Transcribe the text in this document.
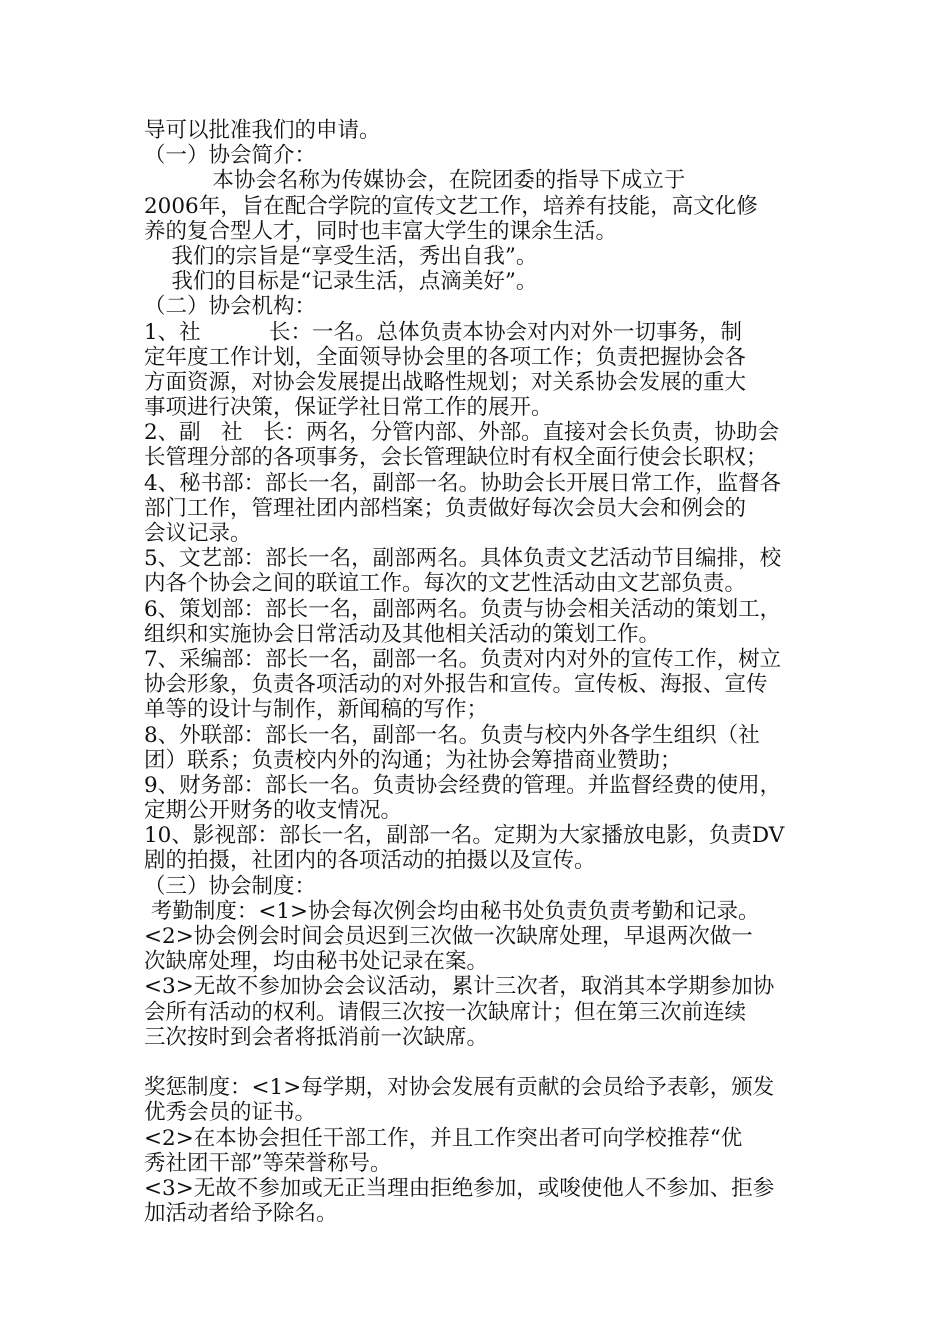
导可以批准我们的申请。
（一）协会简介：
本协会名称为传媒协会，在院团委的指导下成立于
2006年，旨在配合学院的宣传文艺工作，培养有技能，高文化修
养的复合型人才，同时也丰富大学生的课余生活。
我们的宗旨是“享受生活，秀出自我”。
我们的目标是“记录生活，点滴美好”。
（二）协会机构：
1、社          长：一名。总体负责本协会对内对外一切事务，制
定年度工作计划，全面领导协会里的各项工作；负责把握协会各
方面资源，对协会发展提出战略性规划；对关系协会发展的重大
事项进行决策，保证学社日常工作的展开。
2、副   社   长：两名，分管内部、外部。直接对会长负责，协助会
长管理分部的各项事务，会长管理缺位时有权全面行使会长职权；
4、秘书部：部长一名，副部一名。协助会长开展日常工作，监督各
部门工作，管理社团内部档案；负责做好每次会员大会和例会的
会议记录。
5、文艺部：部长一名，副部两名。具体负责文艺活动节目编排，校
内各个协会之间的联谊工作。每次的文艺性活动由文艺部负责。
6、策划部：部长一名，副部两名。负责与协会相关活动的策划工，
组织和实施协会日常活动及其他相关活动的策划工作。
7、采编部：部长一名，副部一名。负责对内对外的宣传工作，树立
协会形象，负责各项活动的对外报告和宣传。宣传板、海报、宣传
单等的设计与制作，新闻稿的写作；
8、外联部：部长一名，副部一名。负责与校内外各学生组织（社
团）联系；负责校内外的沟通；为社协会筹措商业赞助；
9、财务部：部长一名。负责协会经费的管理。并监督经费的使用，
定期公开财务的收支情况。
10、影视部：部长一名，副部一名。定期为大家播放电影，负责DV
剧的拍摄，社团内的各项活动的拍摄以及宣传。
（三）协会制度：
考勤制度：<1>协会每次例会均由秘书处负责负责考勤和记录。
<2>协会例会时间会员迟到三次做一次缺席处理，早退两次做一
次缺席处理，均由秘书处记录在案。
<3>无故不参加协会会议活动，累计三次者，取消其本学期参加协
会所有活动的权利。请假三次按一次缺席计；但在第三次前连续
三次按时到会者将抵消前一次缺席。
奖惩制度：<1>每学期，对协会发展有贡献的会员给予表彰，颁发
优秀会员的证书。
<2>在本协会担任干部工作，并且工作突出者可向学校推荐“优
秀社团干部”等荣誉称号。
<3>无故不参加或无正当理由拒绝参加，或唆使他人不参加、拒参
加活动者给予除名。
